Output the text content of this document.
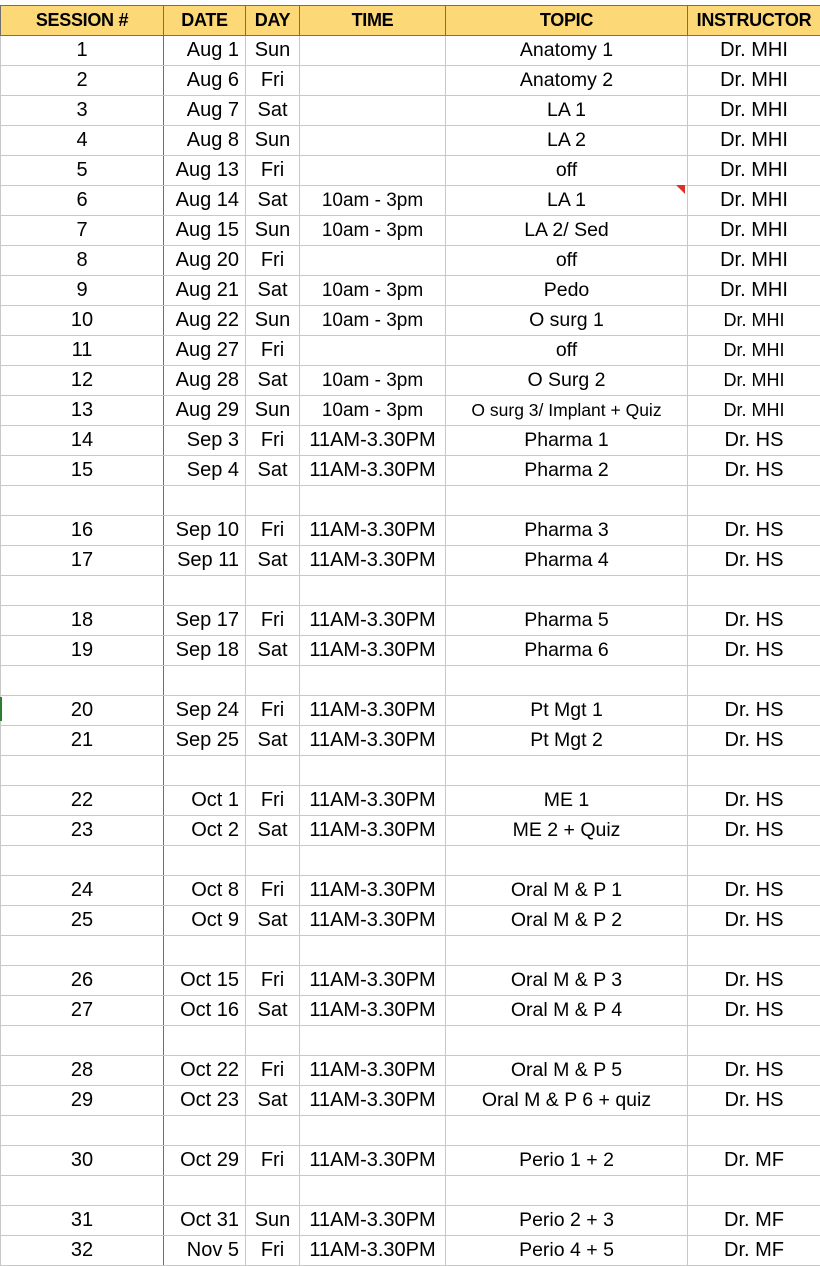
SESSION #	DATE	DAY	TIME	TOPIC	INSTRUCTOR
1	Aug 1	Sun		Anatomy 1	Dr. MHI
2	Aug 6	Fri		Anatomy 2	Dr. MHI
3	Aug 7	Sat		LA 1	Dr. MHI
4	Aug 8	Sun		LA 2	Dr. MHI
5	Aug 13	Fri		off	Dr. MHI
6	Aug 14	Sat	10am - 3pm	LA 1	Dr. MHI
7	Aug 15	Sun	10am - 3pm	LA 2/ Sed	Dr. MHI
8	Aug 20	Fri		off	Dr. MHI
9	Aug 21	Sat	10am - 3pm	Pedo	Dr. MHI
10	Aug 22	Sun	10am - 3pm	O surg 1	Dr. MHI
11	Aug 27	Fri		off	Dr. MHI
12	Aug 28	Sat	10am - 3pm	O Surg 2	Dr. MHI
13	Aug 29	Sun	10am - 3pm	O surg 3/ Implant + Quiz	Dr. MHI
14	Sep 3	Fri	11AM-3.30PM	Pharma 1	Dr. HS
15	Sep 4	Sat	11AM-3.30PM	Pharma 2	Dr. HS

16	Sep 10	Fri	11AM-3.30PM	Pharma 3	Dr. HS
17	Sep 11	Sat	11AM-3.30PM	Pharma 4	Dr. HS

18	Sep 17	Fri	11AM-3.30PM	Pharma 5	Dr. HS
19	Sep 18	Sat	11AM-3.30PM	Pharma 6	Dr. HS

20	Sep 24	Fri	11AM-3.30PM	Pt Mgt 1	Dr. HS
21	Sep 25	Sat	11AM-3.30PM	Pt Mgt 2	Dr. HS

22	Oct 1	Fri	11AM-3.30PM	ME 1	Dr. HS
23	Oct 2	Sat	11AM-3.30PM	ME 2 + Quiz	Dr. HS

24	Oct 8	Fri	11AM-3.30PM	Oral M & P 1	Dr. HS
25	Oct 9	Sat	11AM-3.30PM	Oral M & P 2	Dr. HS

26	Oct 15	Fri	11AM-3.30PM	Oral M & P 3	Dr. HS
27	Oct 16	Sat	11AM-3.30PM	Oral M & P 4	Dr. HS

28	Oct 22	Fri	11AM-3.30PM	Oral M & P 5	Dr. HS
29	Oct 23	Sat	11AM-3.30PM	Oral M & P 6 + quiz	Dr. HS

30	Oct 29	Fri	11AM-3.30PM	Perio 1 + 2	Dr. MF

31	Oct 31	Sun	11AM-3.30PM	Perio 2 + 3	Dr. MF
32	Nov 5	Fri	11AM-3.30PM	Perio 4 + 5	Dr. MF
